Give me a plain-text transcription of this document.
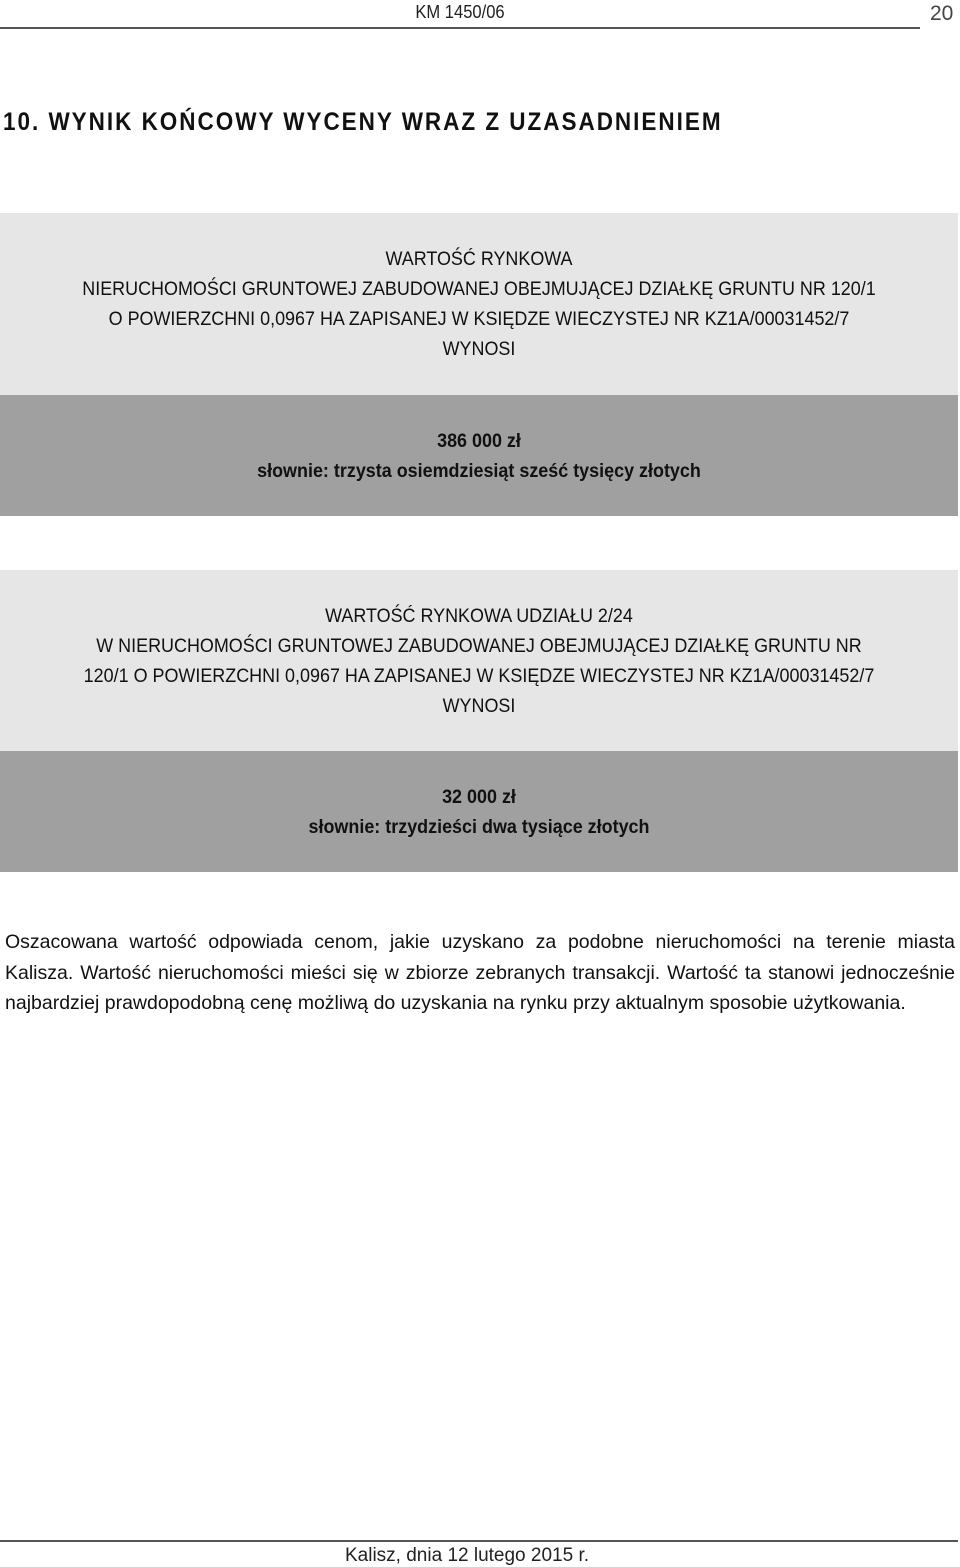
KM 1450/06	20
10. WYNIK KOŃCOWY WYCENY WRAZ Z UZASADNIENIEM
WARTOŚĆ RYNKOWA
NIERUCHOMOŚCI GRUNTOWEJ ZABUDOWANEJ OBEJMUJĄCEJ DZIAŁKĘ GRUNTU NR 120/1
O POWIERZCHNI 0,0967 HA ZAPISANEJ W KSIĘDZE WIECZYSTEJ NR KZ1A/00031452/7
WYNOSI
386 000 zł
słownie: trzysta osiemdziesiąt sześć tysięcy złotych
WARTOŚĆ RYNKOWA UDZIAŁU 2/24
W NIERUCHOMOŚCI GRUNTOWEJ ZABUDOWANEJ OBEJMUJĄCEJ DZIAŁKĘ GRUNTU NR
120/1 O POWIERZCHNI 0,0967 HA ZAPISANEJ W KSIĘDZE WIECZYSTEJ NR KZ1A/00031452/7
WYNOSI
32 000 zł
słownie: trzydzieści dwa tysiące złotych
Oszacowana wartość odpowiada cenom, jakie uzyskano za podobne nieruchomości na terenie miasta Kalisza. Wartość nieruchomości mieści się w zbiorze zebranych transakcji. Wartość ta stanowi jednocześnie najbardziej prawdopodobną cenę możliwą do uzyskania na rynku przy aktualnym sposobie użytkowania.
Kalisz, dnia 12 lutego 2015 r.
